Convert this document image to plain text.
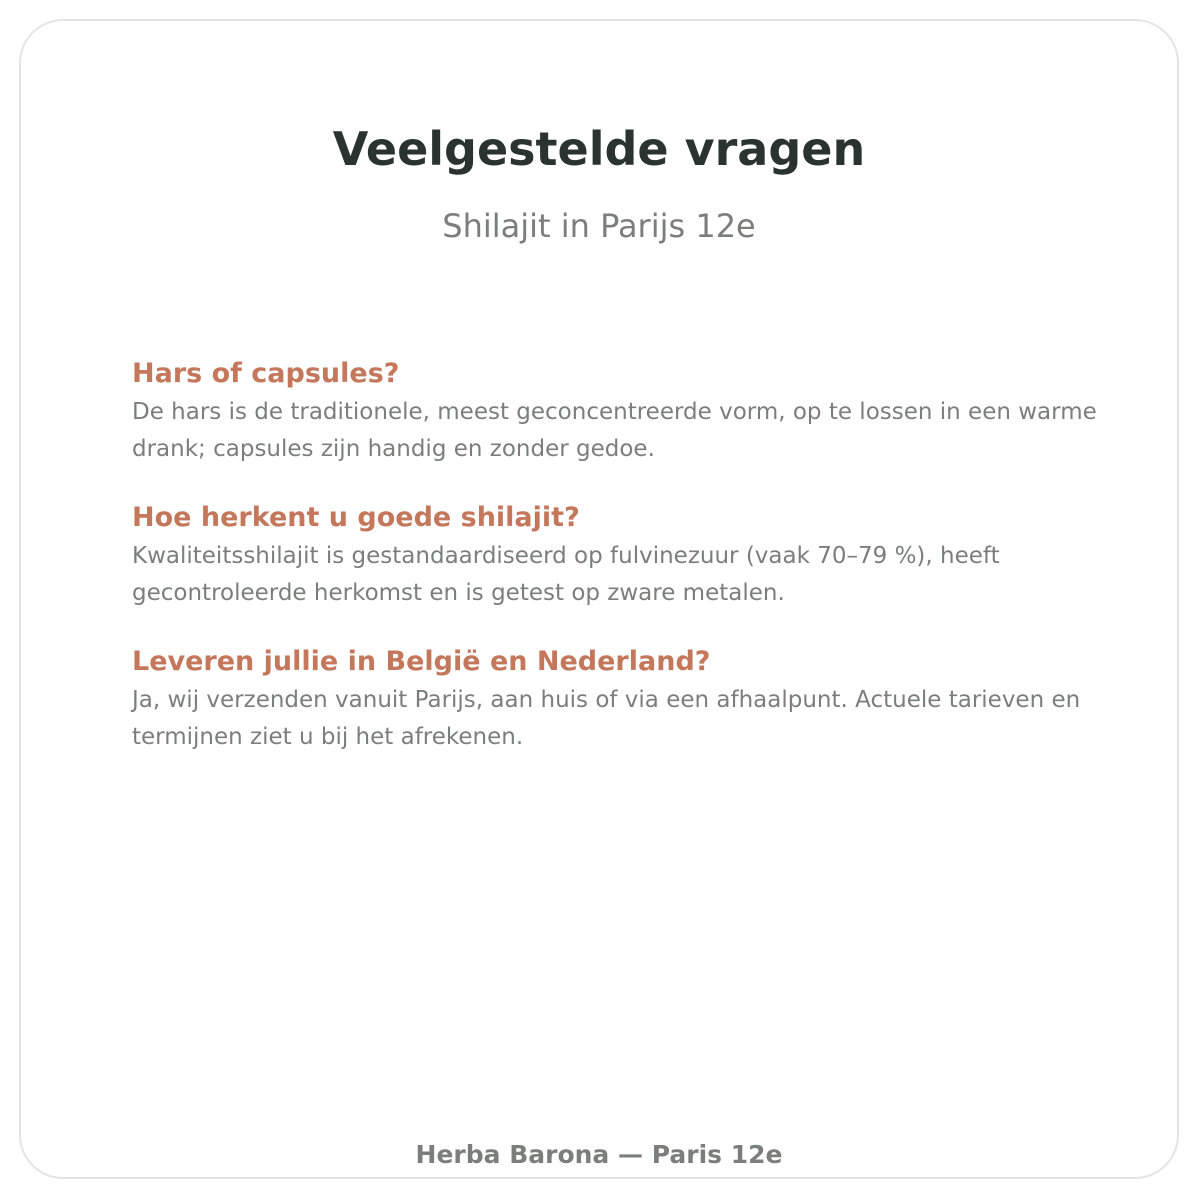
Veelgestelde vragen

Shilajit in Parijs 12e

Hars of capsules?

De hars is de traditionele, meest geconcentreerde vorm, op te lossen in een warme drank; capsules zijn handig en zonder gedoe.

Hoe herkent u goede shilajit?

Kwaliteitsshilajit is gestandaardiseerd op fulvinezuur (vaak 70–79 %), heeft gecontroleerde herkomst en is getest op zware metalen.

Leveren jullie in België en Nederland?

Ja, wij verzenden vanuit Parijs, aan huis of via een afhaalpunt. Actuele tarieven en termijnen ziet u bij het afrekenen.

Herba Barona — Paris 12e
